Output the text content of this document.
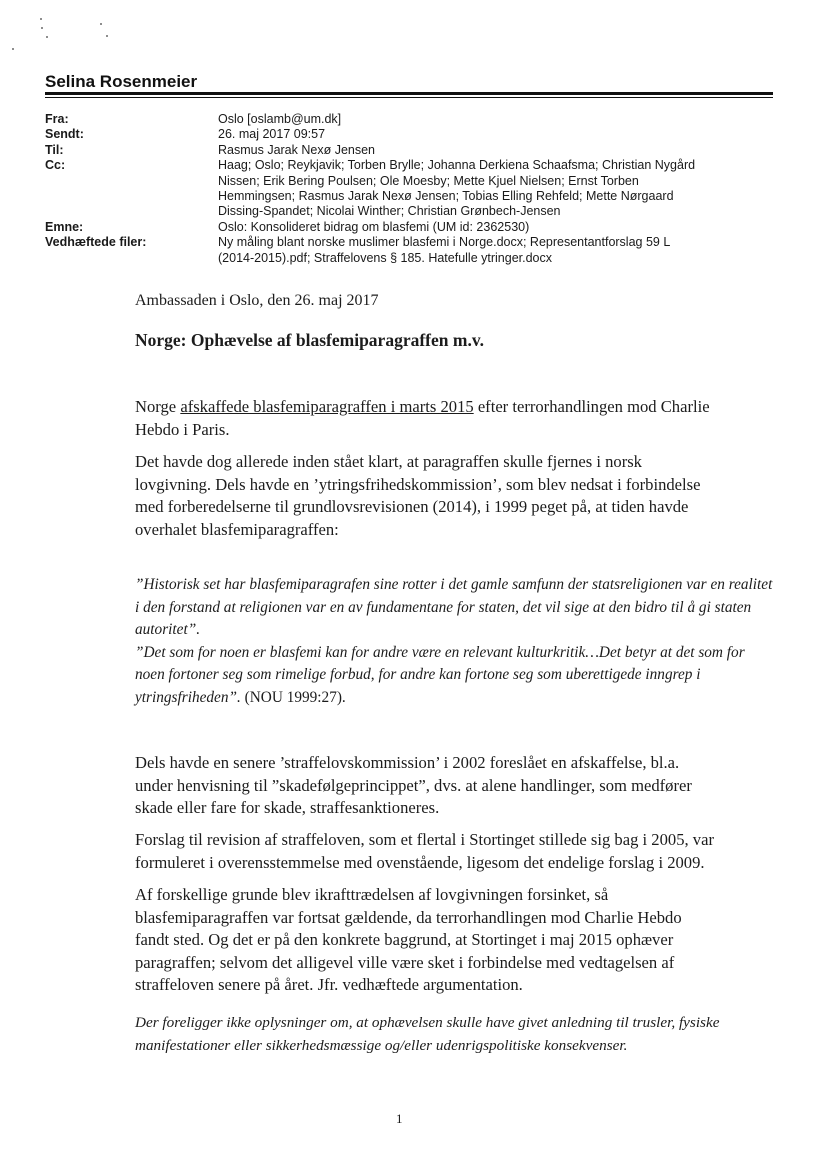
Selina Rosenmeier
Fra:	Oslo [oslamb@um.dk]
Sendt:	26. maj 2017 09:57
Til:	Rasmus Jarak Nexø Jensen
Cc:	Haag; Oslo; Reykjavik; Torben Brylle; Johanna Derkiena Schaafsma; Christian Nygård
Nissen; Erik Bering Poulsen; Ole Moesby; Mette Kjuel Nielsen; Ernst Torben
Hemmingsen; Rasmus Jarak Nexø Jensen; Tobias Elling Rehfeld; Mette Nørgaard
Dissing-Spandet; Nicolai Winther; Christian Grønbech-Jensen
Emne:	Oslo: Konsolideret bidrag om blasfemi (UM id: 2362530)
Vedhæftede filer:	Ny måling blant norske muslimer blasfemi i Norge.docx; Representantforslag 59 L
(2014-2015).pdf; Straffelovens § 185. Hatefulle ytringer.docx
Ambassaden i Oslo, den 26. maj 2017
Norge: Ophævelse af blasfemiparagraffen m.v.
Norge afskaffede blasfemiparagraffen i marts 2015 efter terrorhandlingen mod Charlie
Hebdo i Paris.
Det havde dog allerede inden stået klart, at paragraffen skulle fjernes i norsk
lovgivning. Dels havde en ’ytringsfrihedskommission’, som blev nedsat i forbindelse
med forberedelserne til grundlovsrevisionen (2014), i 1999 peget på, at tiden havde
overhalet blasfemiparagraffen:
”Historisk set har blasfemiparagrafen sine rotter i det gamle samfunn der statsreligionen var en realitet
i den forstand at religionen var en av fundamentane for staten, det vil sige at den bidro til å gi staten
autoritet”.
”Det som for noen er blasfemi kan for andre være en relevant kulturkritik…Det betyr at det som for
noen fortoner seg som rimelige forbud, for andre kan fortone seg som uberettigede inngrep i
ytringsfriheden”. (NOU 1999:27).
Dels havde en senere ’straffelovskommission’ i 2002 foreslået en afskaffelse, bl.a.
under henvisning til ”skadefølgeprincippet”, dvs. at alene handlinger, som medfører
skade eller fare for skade, straffesanktioneres.
Forslag til revision af straffeloven, som et flertal i Stortinget stillede sig bag i 2005, var
formuleret i overensstemmelse med ovenstående, ligesom det endelige forslag i 2009.
Af forskellige grunde blev ikrafttrædelsen af lovgivningen forsinket, så
blasfemiparagraffen var fortsat gældende, da terrorhandlingen mod Charlie Hebdo
fandt sted. Og det er på den konkrete baggrund, at Stortinget i maj 2015 ophæver
paragraffen; selvom det alligevel ville være sket i forbindelse med vedtagelsen af
straffeloven senere på året. Jfr. vedhæftede argumentation.
Der foreligger ikke oplysninger om, at ophævelsen skulle have givet anledning til trusler, fysiske
manifestationer eller sikkerhedsmæssige og/eller udenrigspolitiske konsekvenser.
1
